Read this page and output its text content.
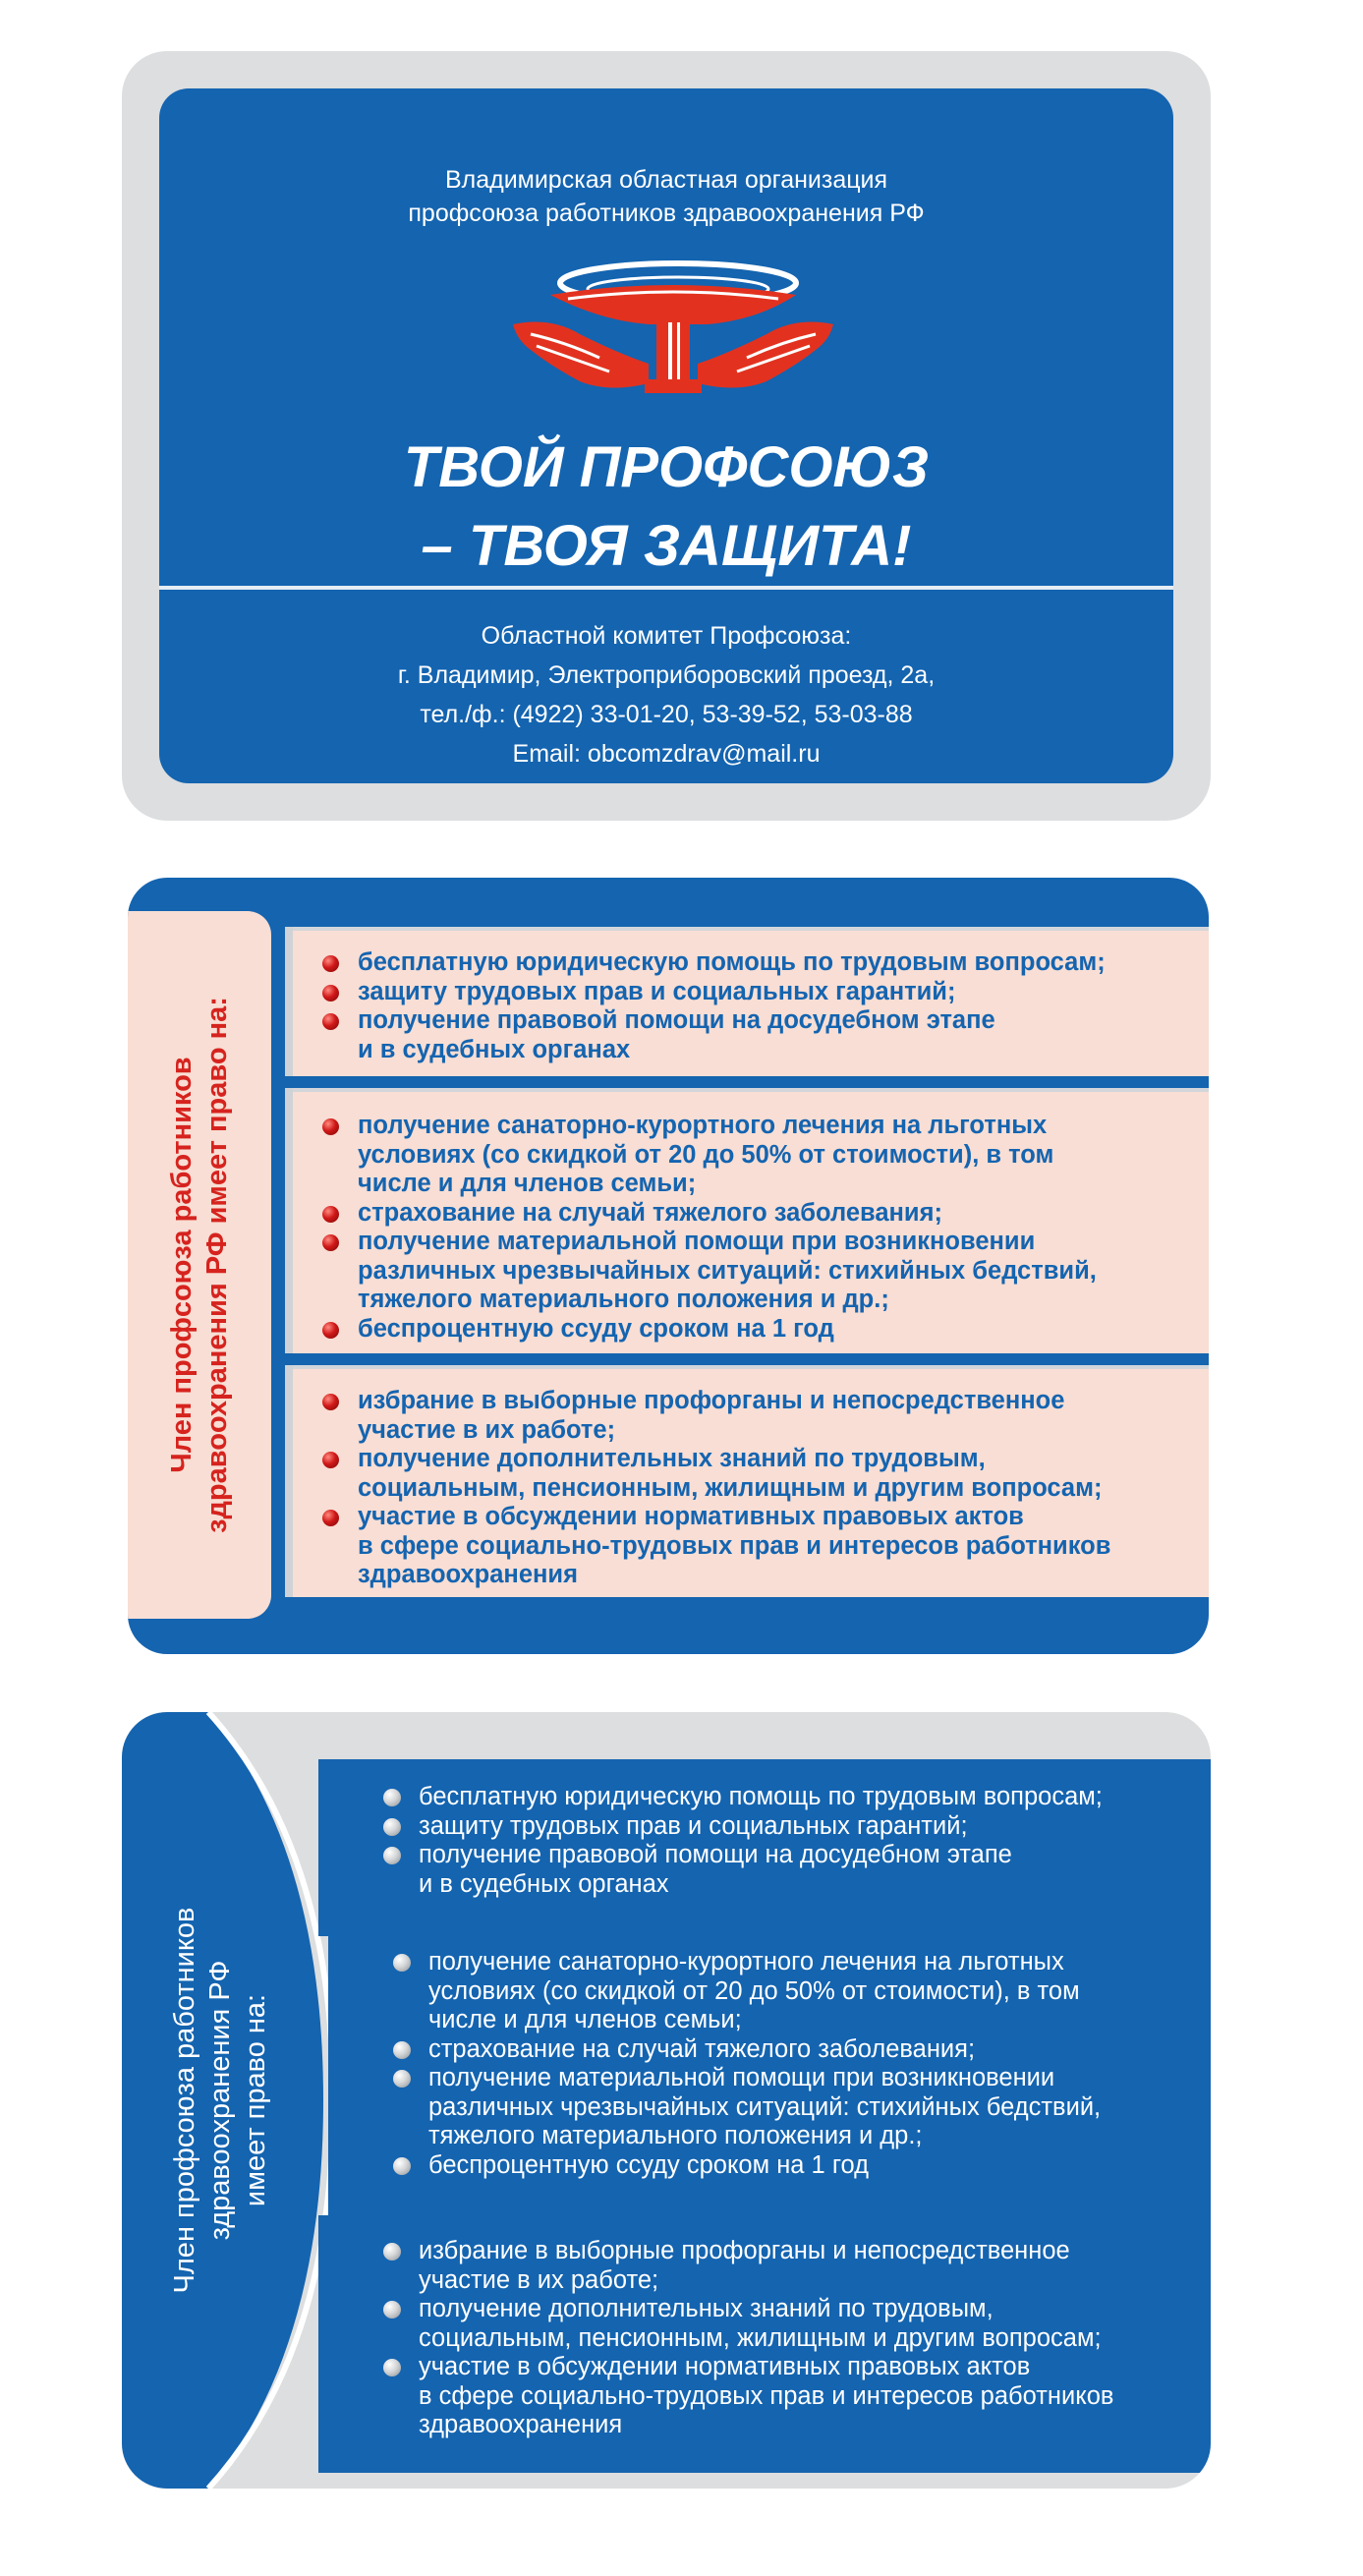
Владимирская областная организация
профсоюза работников здравоохранения РФ
ТВОЙ ПРОФСОЮЗ
– ТВОЯ ЗАЩИТА!
Областной комитет Профсоюза:
г. Владимир, Электроприборовский проезд, 2а,
тел./ф.: (4922) 33-01-20, 53-39-52, 53-03-88
Email: obcomzdrav@mail.ru
Член профсоюза работников здравоохранения РФ имеет право на:
бесплатную юридическую помощь по трудовым вопросам;
защиту трудовых прав и социальных гарантий;
получение правовой помощи на досудебном этапе
и в судебных органах
получение санаторно-курортного лечения на льготных
условиях (со скидкой от 20 до 50% от стоимости), в том
числе и для членов семьи;
страхование на случай тяжелого заболевания;
получение материальной помощи при возникновении
различных чрезвычайных ситуаций: стихийных бедствий,
тяжелого материального положения и др.;
беспроцентную ссуду сроком на 1 год
избрание в выборные профорганы и непосредственное
участие в их работе;
получение дополнительных знаний по трудовым,
социальным, пенсионным, жилищным и другим вопросам;
участие в обсуждении нормативных правовых актов
в сфере социально-трудовых прав и интересов работников
здравоохранения
Член профсоюза работников здравоохранения РФ имеет право на:
бесплатную юридическую помощь по трудовым вопросам;
защиту трудовых прав и социальных гарантий;
получение правовой помощи на досудебном этапе
и в судебных органах
получение санаторно-курортного лечения на льготных
условиях (со скидкой от 20 до 50% от стоимости), в том
числе и для членов семьи;
страхование на случай тяжелого заболевания;
получение материальной помощи при возникновении
различных чрезвычайных ситуаций: стихийных бедствий,
тяжелого материального положения и др.;
беспроцентную ссуду сроком на 1 год
избрание в выборные профорганы и непосредственное
участие в их работе;
получение дополнительных знаний по трудовым,
социальным, пенсионным, жилищным и другим вопросам;
участие в обсуждении нормативных правовых актов
в сфере социально-трудовых прав и интересов работников
здравоохранения
